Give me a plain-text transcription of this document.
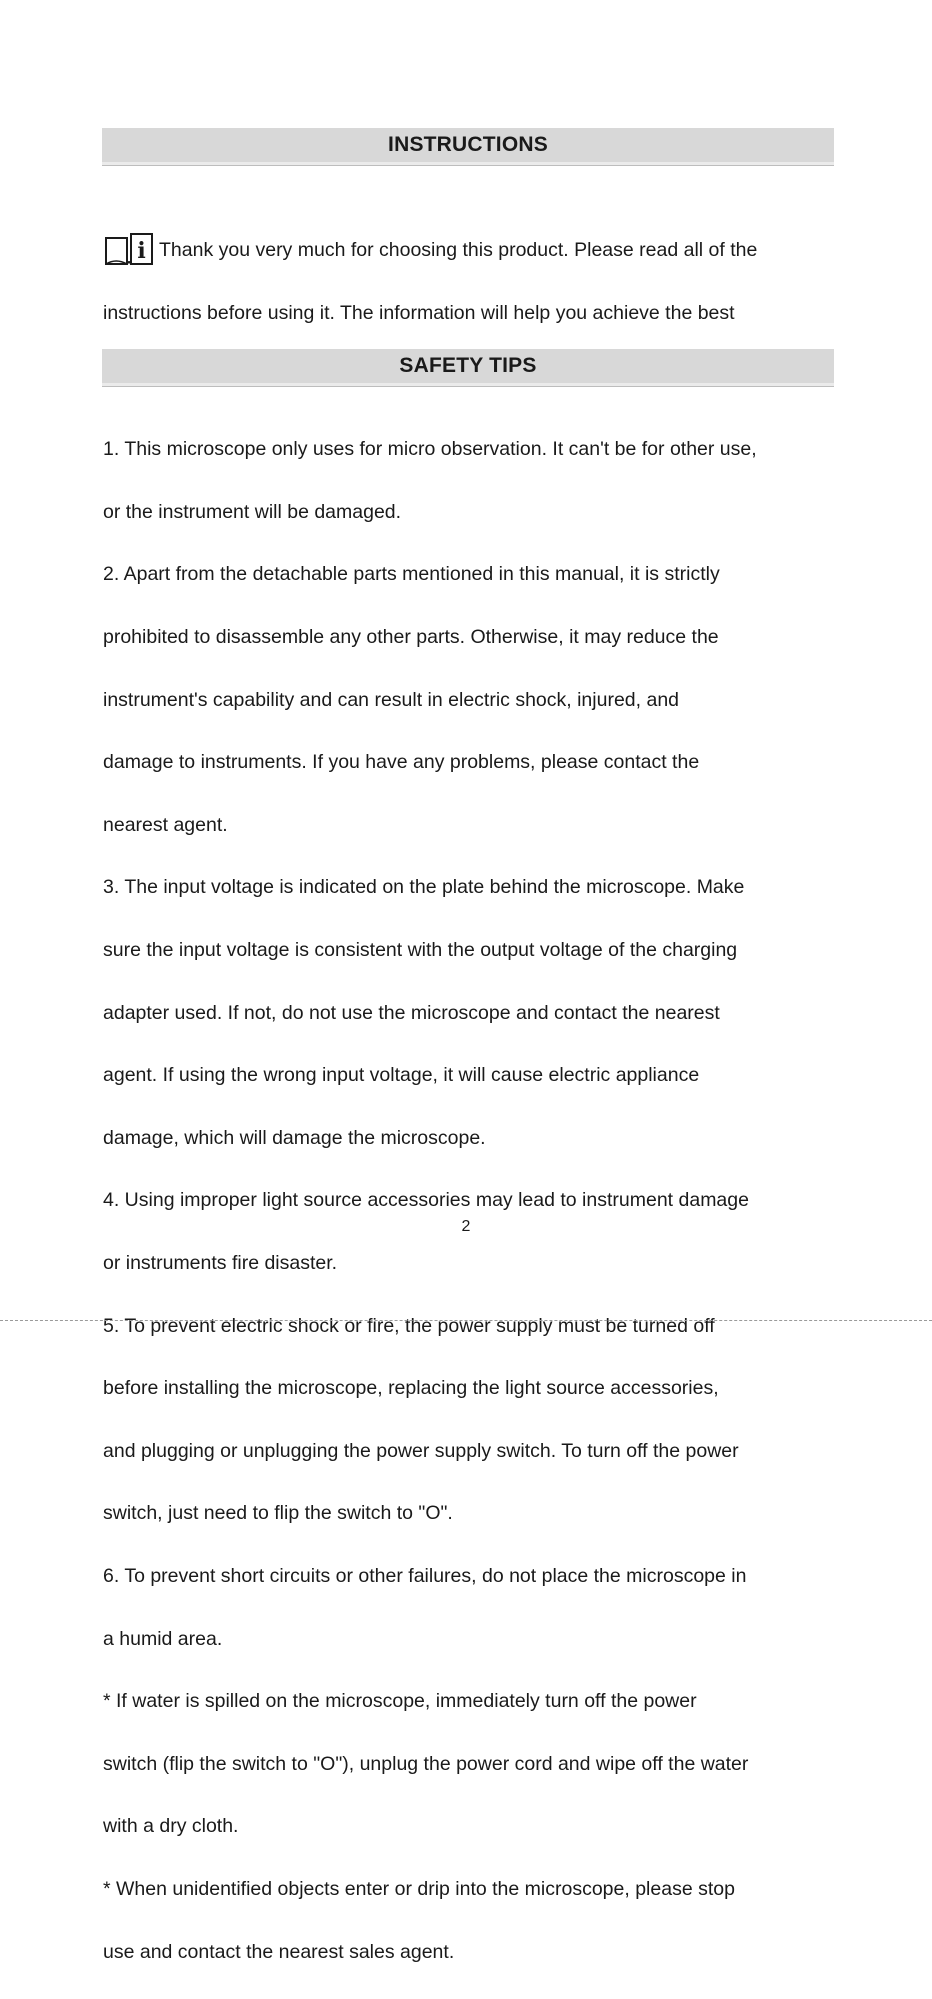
INSTRUCTIONS

i Thank you very much for choosing this product. Please read all of the

instructions before using it. The information will help you achieve the best

SAFETY TIPS

1. This microscope only uses for micro observation. It can't be for other use,

or the instrument will be damaged.

2. Apart from the detachable parts mentioned in this manual, it is strictly

prohibited to disassemble any other parts. Otherwise, it may reduce the

instrument's capability and can result in electric shock, injured, and

damage to instruments. If you have any problems, please contact the

nearest agent.

3. The input voltage is indicated on the plate behind the microscope. Make

sure the input voltage is consistent with the output voltage of the charging

adapter used. If not, do not use the microscope and contact the nearest

agent. If using the wrong input voltage, it will cause electric appliance

damage, which will damage the microscope.

4. Using improper light source accessories may lead to instrument damage

or instruments fire disaster.

5. To prevent electric shock or fire, the power supply must be turned off

before installing the microscope, replacing the light source accessories,

and plugging or unplugging the power supply switch. To turn off the power

switch, just need to flip the switch to "O".

6. To prevent short circuits or other failures, do not place the microscope in

a humid area.

* If water is spilled on the microscope, immediately turn off the power

switch (flip the switch to "O"), unplug the power cord and wipe off the water

with a dry cloth.

* When unidentified objects enter or drip into the microscope, please stop

use and contact the nearest sales agent.

2
